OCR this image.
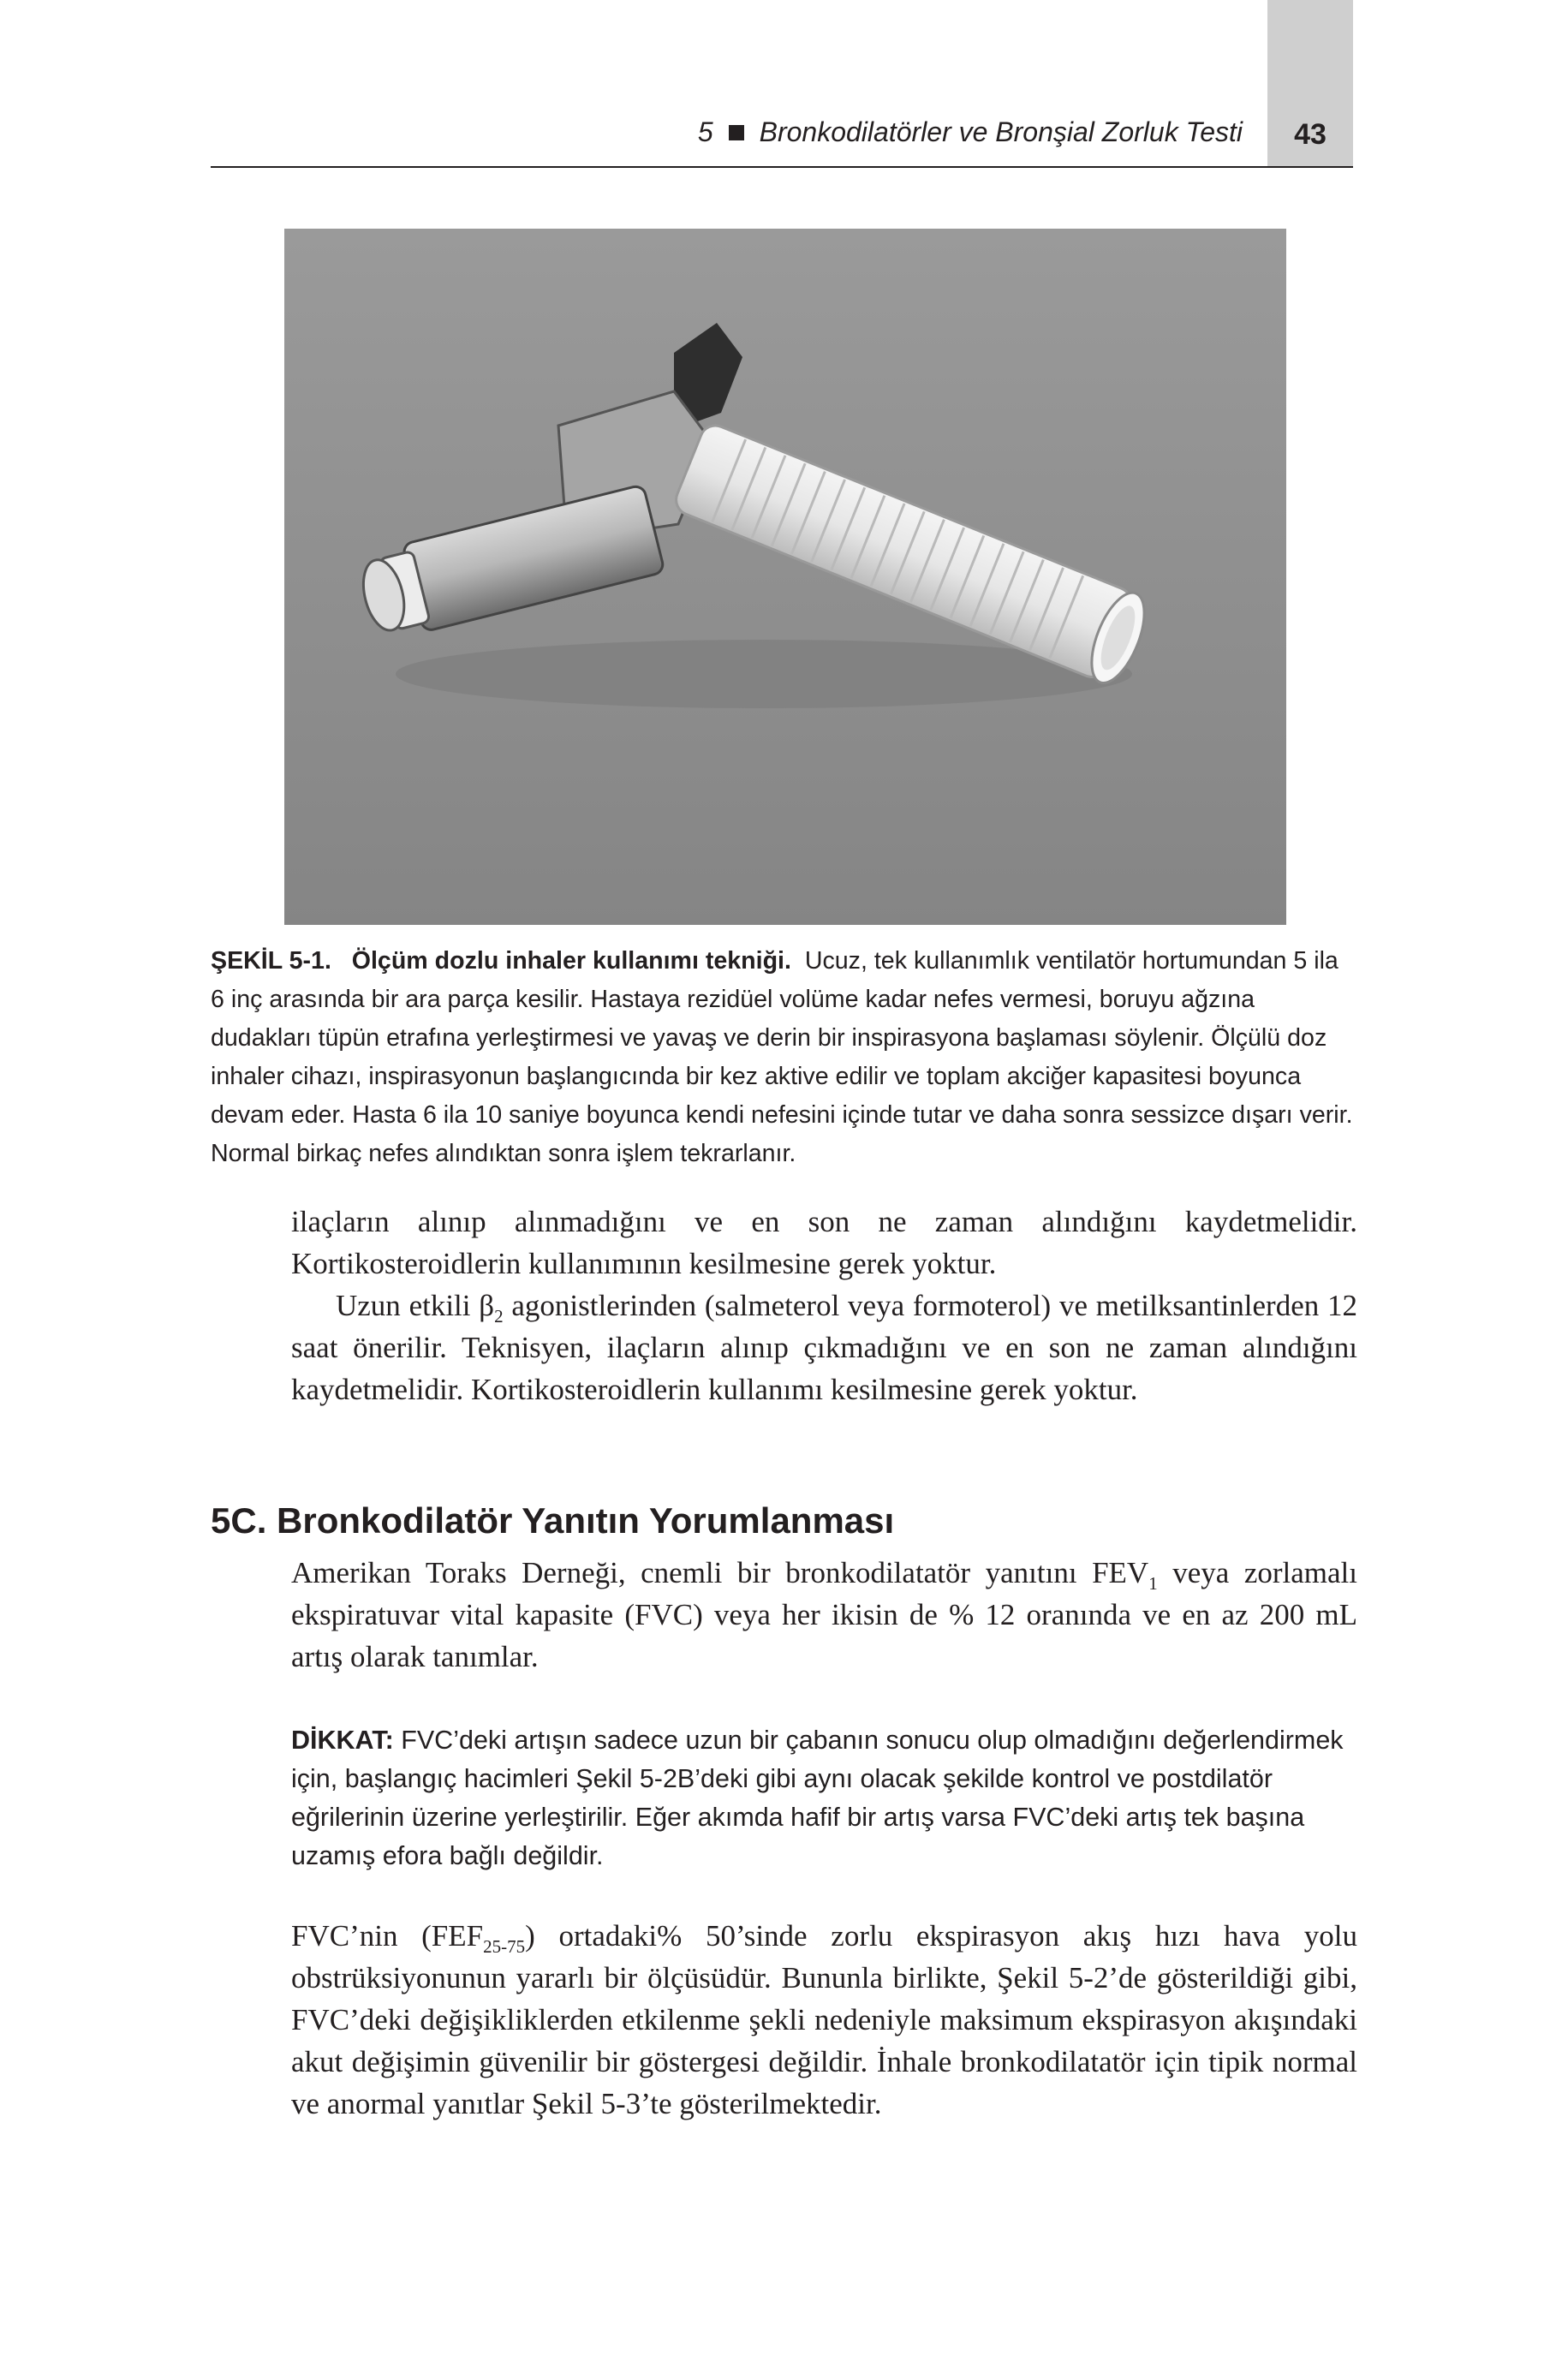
43
5 Bronkodilatörler ve Bronşial Zorluk Testi

ŞEKİL 5-1. Ölçüm dozlu inhaler kullanımı tekniği. Ucuz, tek kullanımlık ventilatör hortumundan 5 ila 6 inç arasında bir ara parça kesilir. Hastaya rezidüel volüme kadar nefes vermesi, boruyu ağzına dudakları tüpün etrafına yerleştirmesi ve yavaş ve derin bir inspirasyona başlaması söylenir. Ölçülü doz inhaler cihazı, inspirasyonun başlangıcında bir kez aktive edilir ve toplam akciğer kapasitesi boyunca devam eder. Hasta 6 ila 10 saniye boyunca kendi nefesini içinde tutar ve daha sonra sessizce dışarı verir. Normal birkaç nefes alındıktan sonra işlem tekrarlanır.

ilaçların alınıp alınmadığını ve en son ne zaman alındığını kaydetmelidir. Kortikosteroidlerin kullanımının kesilmesine gerek yoktur.

Uzun etkili $\beta_2$ agonistlerinden (salmeterol veya formoterol) ve metilksantinlerden 12 saat önerilir. Teknisyen, ilaçların alınıp çıkmadığını ve en son ne zaman alındığını kaydetmelidir. Kortikosteroidlerin kullanımı kesilmesine gerek yoktur.

5C. Bronkodilatör Yanıtın Yorumlanması

Amerikan Toraks Derneği, cnemli bir bronkodilatatör yanıtını $FEV_1$ veya zorlamalı ekspiratuvar vital kapasite (FVC) veya her ikisin de % 12 oranında ve en az 200 mL artış olarak tanımlar.

DİKKAT: FVC’deki artışın sadece uzun bir çabanın sonucu olup olmadığını değerlendirmek için, başlangıç hacimleri Şekil 5-2B’deki gibi aynı olacak şekilde kontrol ve postdilatör eğrilerinin üzerine yerleştirilir. Eğer akımda hafif bir artış varsa FVC’deki artış tek başına uzamış efora bağlı değildir.

FVC’nin $(FEF_{25-75})$ ortadaki% 50’sinde zorlu ekspirasyon akış hızı hava yolu obstrüksiyonunun yararlı bir ölçüsüdür. Bununla birlikte, Şekil 5-2’de gösterildiği gibi, FVC’deki değişikliklerden etkilenme şekli nedeniyle maksimum ekspirasyon akışındaki akut değişimin güvenilir bir göstergesi değildir. İnhale bronkodilatatör için tipik normal ve anormal yanıtlar Şekil 5-3’te gösterilmektedir.
